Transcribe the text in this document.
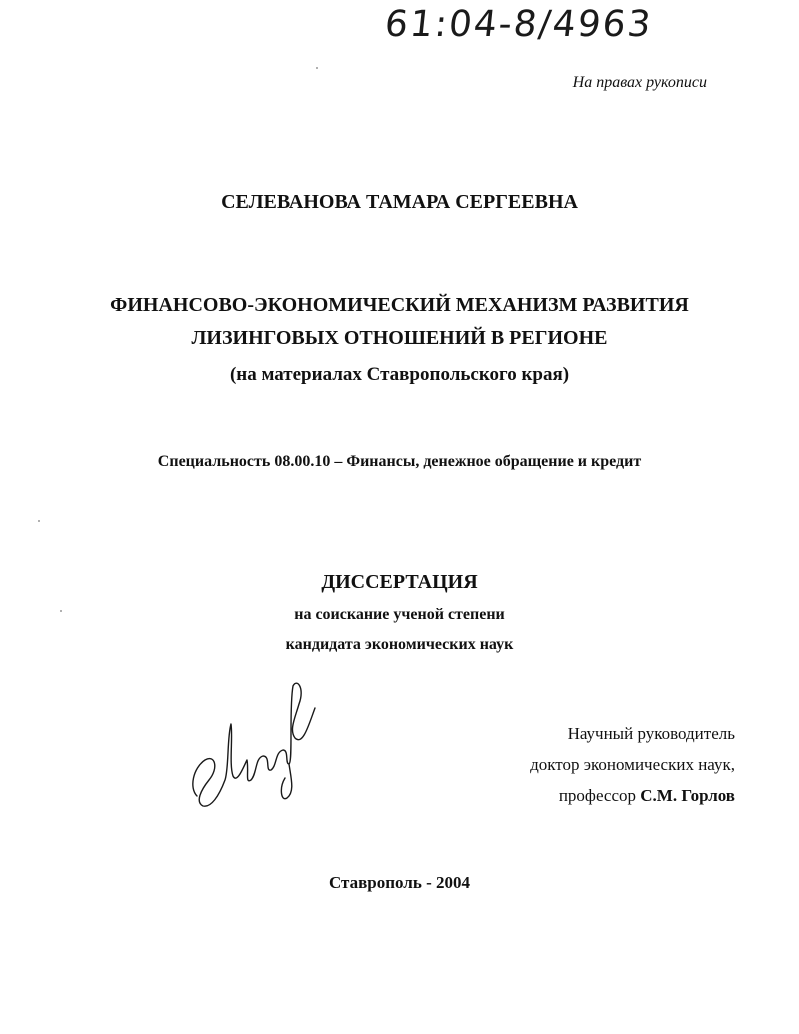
61:04-8/4963
На правах рукописи
СЕЛЕВАНОВА ТАМАРА СЕРГЕЕВНА
ФИНАНСОВО-ЭКОНОМИЧЕСКИЙ МЕХАНИЗМ РАЗВИТИЯ
ЛИЗИНГОВЫХ ОТНОШЕНИЙ В РЕГИОНЕ
(на материалах Ставропольского края)
Специальность 08.00.10 – Финансы, денежное обращение и кредит
ДИССЕРТАЦИЯ
на соискание ученой степени
кандидата экономических наук
Научный руководитель
доктор экономических наук,
профессор С.М. Горлов
Ставрополь - 2004
